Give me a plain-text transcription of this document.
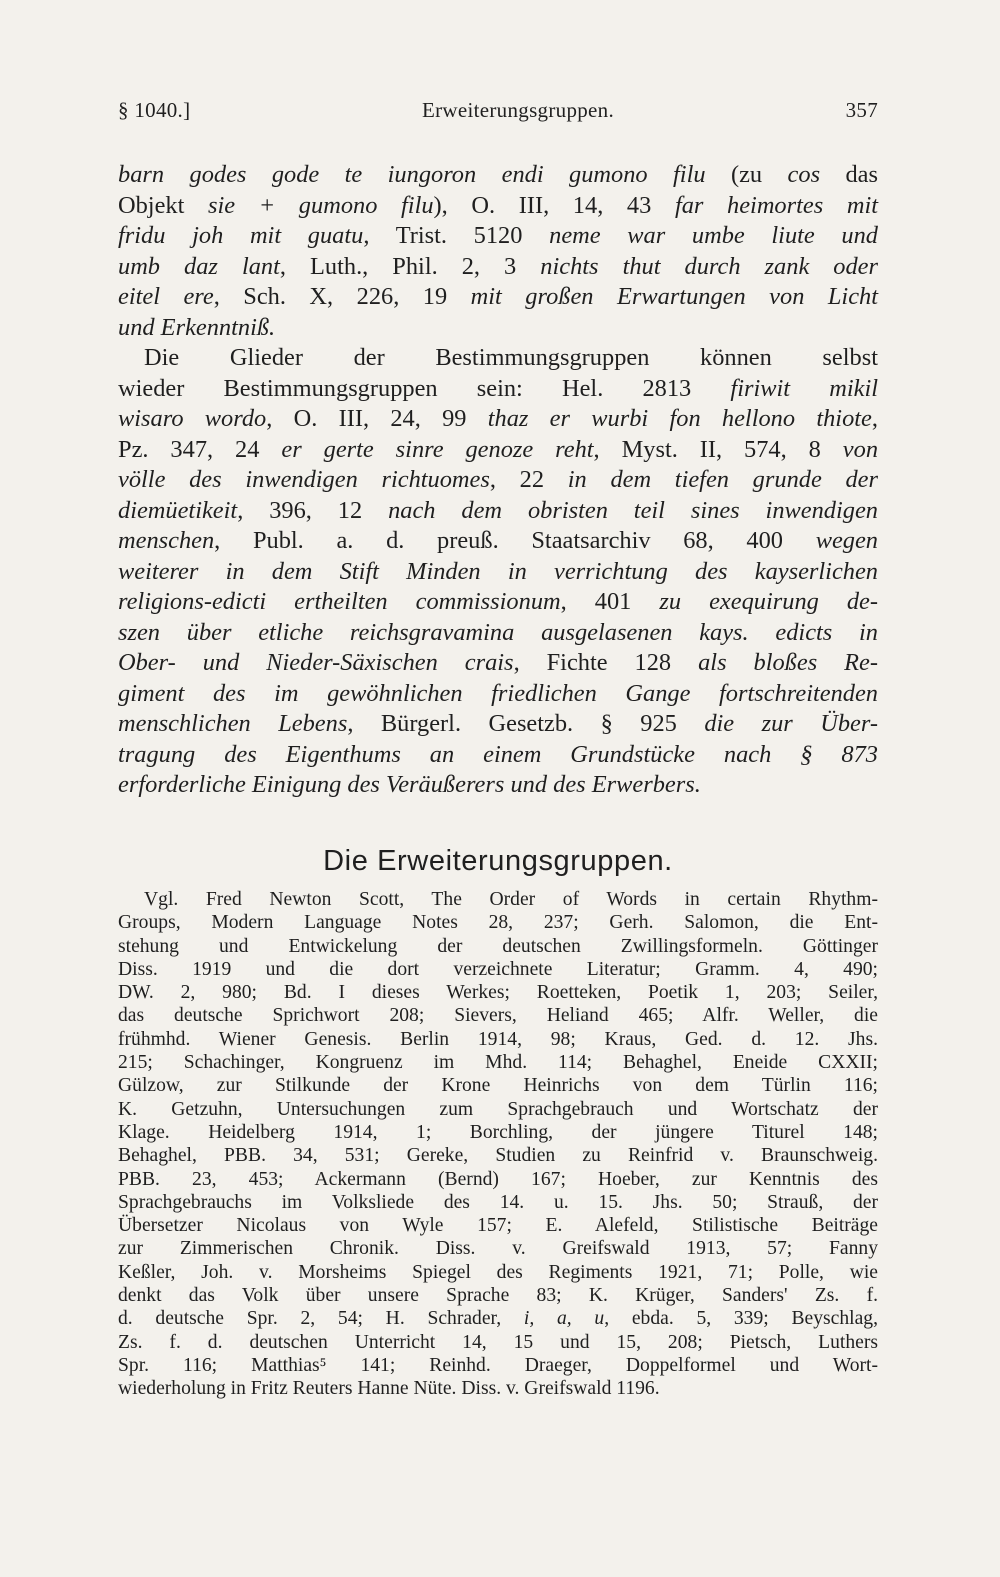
§ 1040.]	Erweiterungsgruppen.	357
barn godes gode te iungoron endi gumono filu (zu cos das
Objekt sie + gumono filu), O. III, 14, 43 far heimortes mit
fridu joh mit guatu, Trist. 5120 neme war umbe liute und
umb daz lant, Luth., Phil. 2, 3 nichts thut durch zank oder
eitel ere, Sch. X, 226, 19 mit großen Erwartungen von Licht
und Erkenntniß.
Die Glieder der Bestimmungsgruppen können selbst
wieder Bestimmungsgruppen sein: Hel. 2813 firiwit mikil
wisaro wordo, O. III, 24, 99 thaz er wurbi fon hellono thiote,
Pz. 347, 24 er gerte sinre genoze reht, Myst. II, 574, 8 von
völle des inwendigen richtuomes, 22 in dem tiefen grunde der
diemüetikeit, 396, 12 nach dem obristen teil sines inwendigen
menschen, Publ. a. d. preuß. Staatsarchiv 68, 400 wegen
weiterer in dem Stift Minden in verrichtung des kayserlichen
religions-edicti ertheilten commissionum, 401 zu exequirung de-
szen über etliche reichsgravamina ausgelasenen kays. edicts in
Ober- und Nieder-Säxischen crais, Fichte 128 als bloßes Re-
giment des im gewöhnlichen friedlichen Gange fortschreitenden
menschlichen Lebens, Bürgerl. Gesetzb. § 925 die zur Über-
tragung des Eigenthums an einem Grundstücke nach § 873
erforderliche Einigung des Veräußerers und des Erwerbers.
Die Erweiterungsgruppen.
Vgl. Fred Newton Scott, The Order of Words in certain Rhythm-
Groups, Modern Language Notes 28, 237; Gerh. Salomon, die Ent-
stehung und Entwickelung der deutschen Zwillingsformeln. Göttinger
Diss. 1919 und die dort verzeichnete Literatur; Gramm. 4, 490;
DW. 2, 980; Bd. I dieses Werkes; Roetteken, Poetik 1, 203; Seiler,
das deutsche Sprichwort 208; Sievers, Heliand 465; Alfr. Weller, die
frühmhd. Wiener Genesis. Berlin 1914, 98; Kraus, Ged. d. 12. Jhs.
215; Schachinger, Kongruenz im Mhd. 114; Behaghel, Eneide CXXII;
Gülzow, zur Stilkunde der Krone Heinrichs von dem Türlin 116;
K. Getzuhn, Untersuchungen zum Sprachgebrauch und Wortschatz der
Klage. Heidelberg 1914, 1; Borchling, der jüngere Titurel 148;
Behaghel, PBB. 34, 531; Gereke, Studien zu Reinfrid v. Braunschweig.
PBB. 23, 453; Ackermann (Bernd) 167; Hoeber, zur Kenntnis des
Sprachgebrauchs im Volksliede des 14. u. 15. Jhs. 50; Strauß, der
Übersetzer Nicolaus von Wyle 157; E. Alefeld, Stilistische Beiträge
zur Zimmerischen Chronik. Diss. v. Greifswald 1913, 57; Fanny
Keßler, Joh. v. Morsheims Spiegel des Regiments 1921, 71; Polle, wie
denkt das Volk über unsere Sprache 83; K. Krüger, Sanders' Zs. f.
d. deutsche Spr. 2, 54; H. Schrader, i, a, u, ebda. 5, 339; Beyschlag,
Zs. f. d. deutschen Unterricht 14, 15 und 15, 208; Pietsch, Luthers
Spr. 116; Matthias⁵ 141; Reinhd. Draeger, Doppelformel und Wort-
wiederholung in Fritz Reuters Hanne Nüte. Diss. v. Greifswald 1196.
